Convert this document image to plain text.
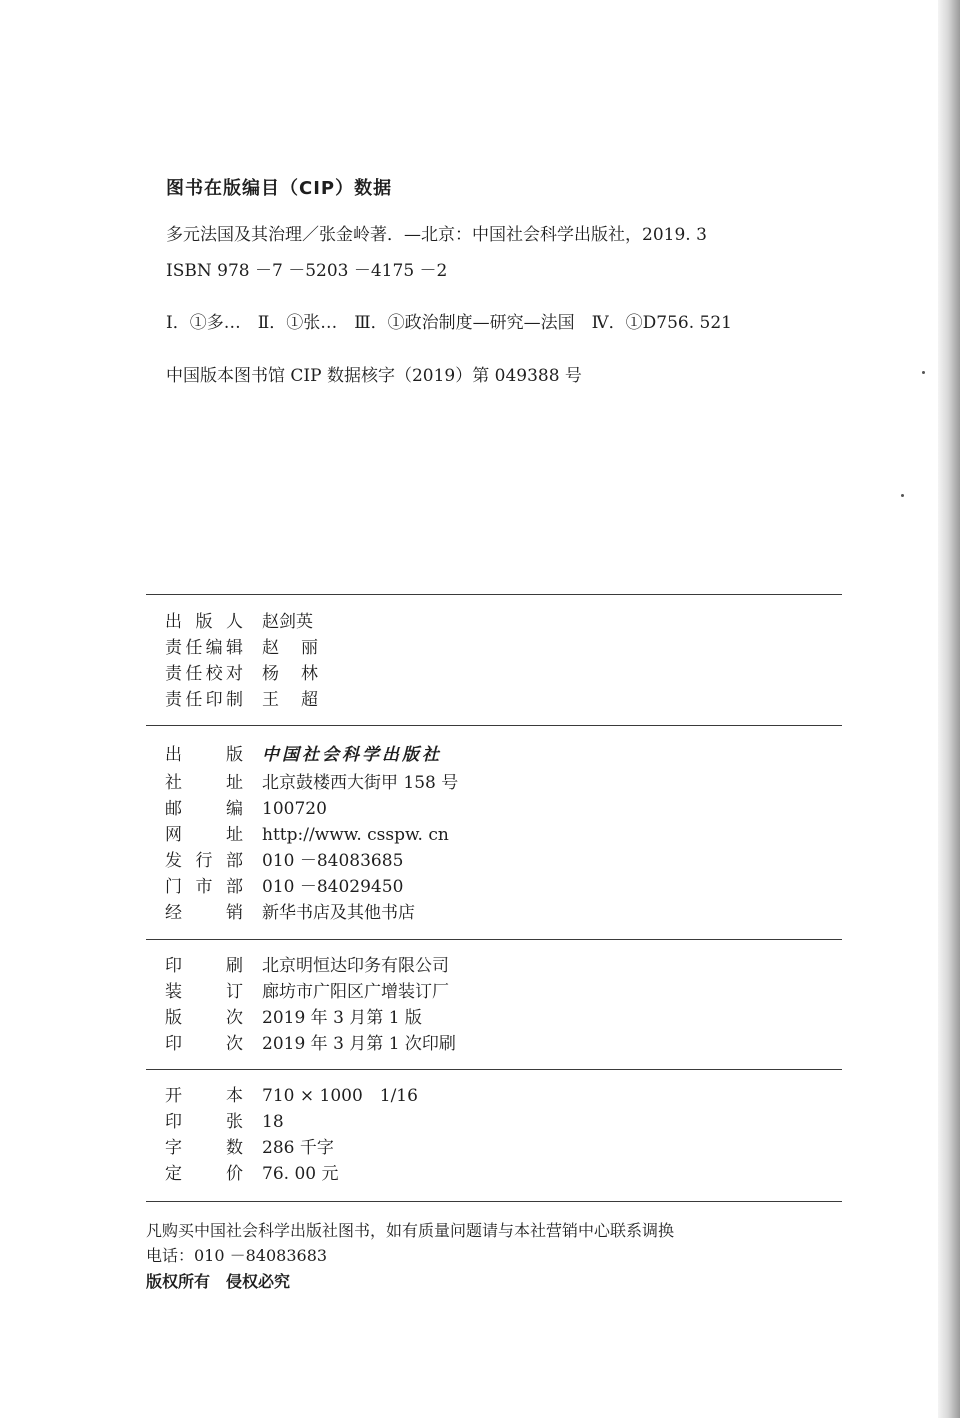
图书在版编目（CIP）数据
多元法国及其治理／张金岭著．—北京：中国社会科学出版社，2019. 3
ISBN 978 －7 －5203 －4175 －2
Ⅰ．①多…　Ⅱ．①张…　Ⅲ．①政治制度—研究—法国　Ⅳ．①D756. 521
中国版本图书馆 CIP 数据核字（2019）第 049388 号
出 版 人 赵剑英
责 任 编 辑 赵 丽
责 任 校 对 杨 林
责 任 印 制 王 超
出	版 中国社会科学出版社
社	址 北京鼓楼西大街甲 158 号
邮	编 100720
网	址 http://www. csspw. cn
发 行 部 010 －84083685
门 市 部 010 －84029450
经	销 新华书店及其他书店
印	刷 北京明恒达印务有限公司
装	订 廊坊市广阳区广增装订厂
版	次 2019 年 3 月第 1 版
印	次 2019 年 3 月第 1 次印刷
开	本 710 × 1000　1/16
印	张 18
字	数 286 千字
定	价 76. 00 元
凡购买中国社会科学出版社图书，如有质量问题请与本社营销中心联系调换
电话：010 －84083683
版权所有　侵权必究
